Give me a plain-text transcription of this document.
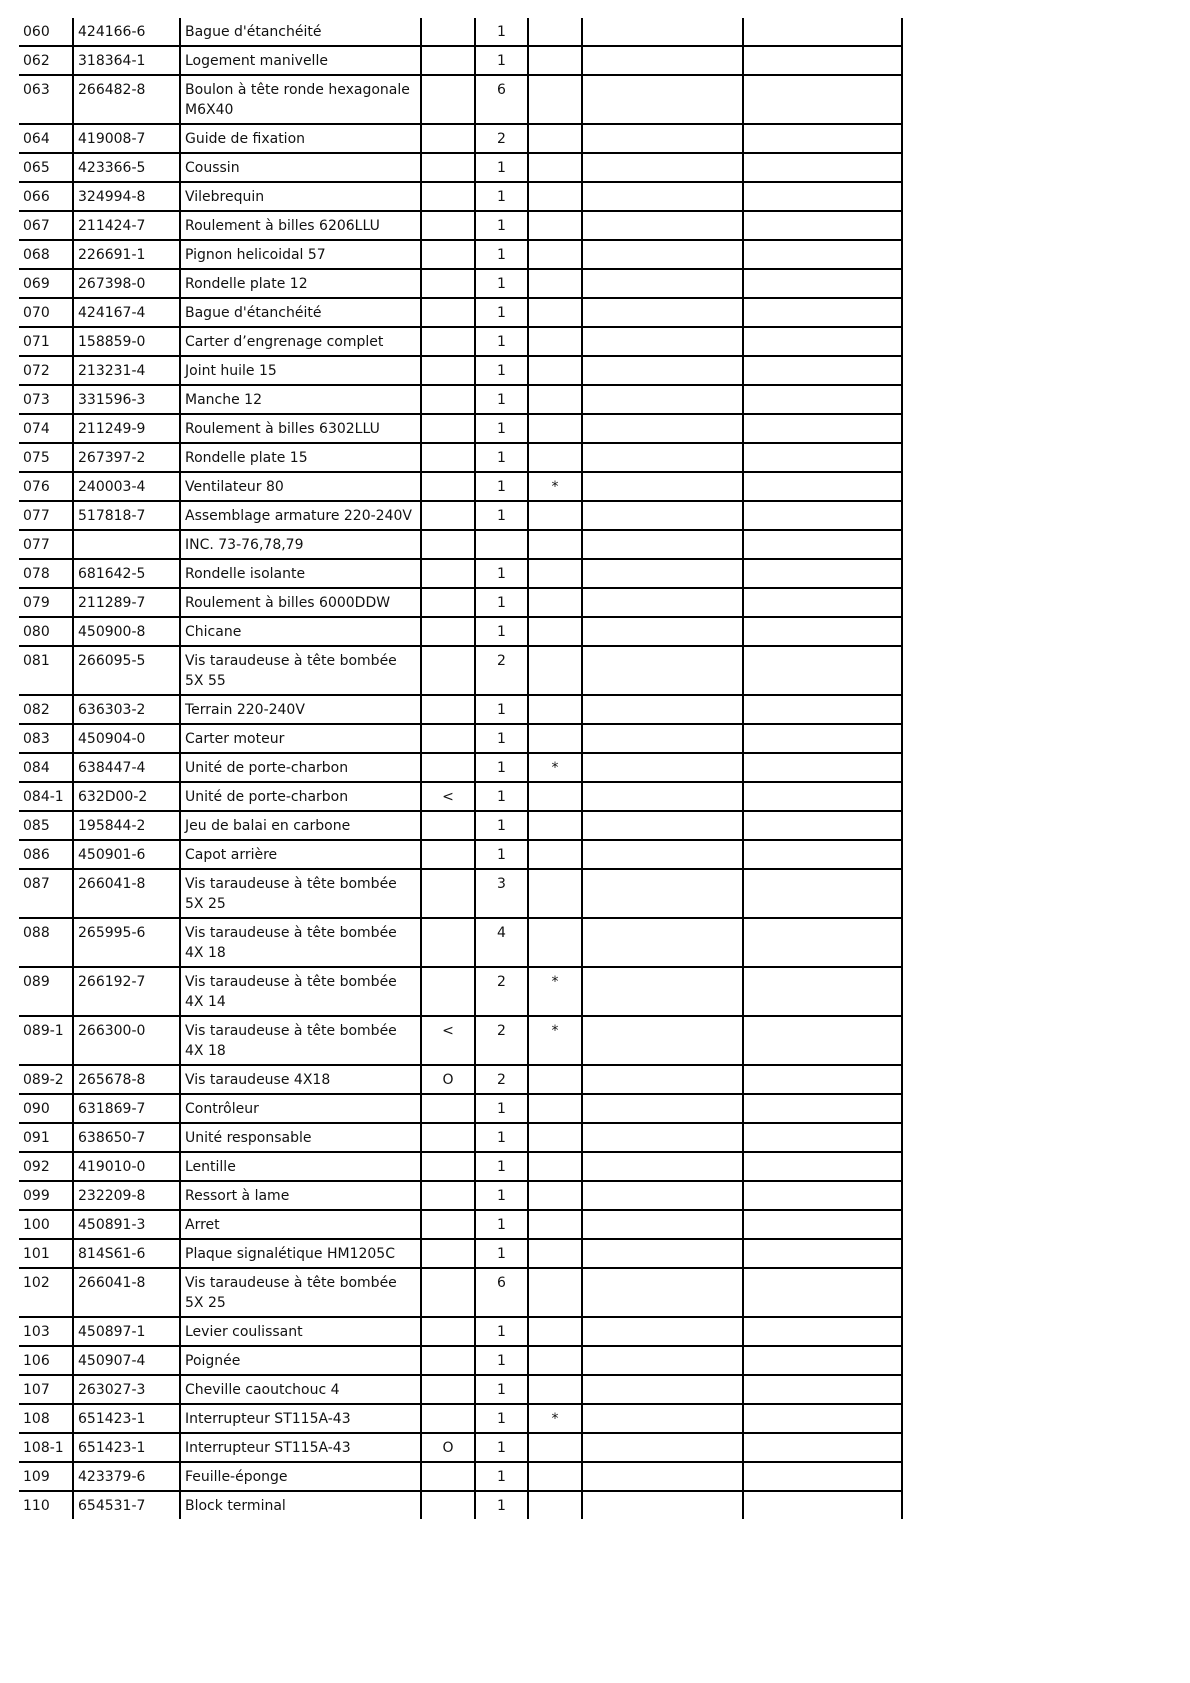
060	424166-6	Bague d'étanchéité		1			
062	318364-1	Logement manivelle		1			
063	266482-8	Boulon à tête ronde hexagonale M6X40		6			
064	419008-7	Guide de fixation		2			
065	423366-5	Coussin		1			
066	324994-8	Vilebrequin		1			
067	211424-7	Roulement à billes 6206LLU		1			
068	226691-1	Pignon helicoidal 57		1			
069	267398-0	Rondelle plate 12		1			
070	424167-4	Bague d'étanchéité		1			
071	158859-0	Carter d’engrenage complet		1			
072	213231-4	Joint huile 15		1			
073	331596-3	Manche 12		1			
074	211249-9	Roulement à billes 6302LLU		1			
075	267397-2	Rondelle plate 15		1			
076	240003-4	Ventilateur 80		1	*		
077	517818-7	Assemblage armature 220-240V		1			
077		INC. 73-76,78,79					
078	681642-5	Rondelle isolante		1			
079	211289-7	Roulement à billes 6000DDW		1			
080	450900-8	Chicane		1			
081	266095-5	Vis taraudeuse à tête bombée 5X 55		2			
082	636303-2	Terrain 220-240V		1			
083	450904-0	Carter moteur		1			
084	638447-4	Unité de porte-charbon		1	*		
084-1	632D00-2	Unité de porte-charbon	<	1			
085	195844-2	Jeu de balai en carbone		1			
086	450901-6	Capot arrière		1			
087	266041-8	Vis taraudeuse à tête bombée 5X 25		3			
088	265995-6	Vis taraudeuse à tête bombée 4X 18		4			
089	266192-7	Vis taraudeuse à tête bombée 4X 14		2	*		
089-1	266300-0	Vis taraudeuse à tête bombée 4X 18	<	2	*		
089-2	265678-8	Vis taraudeuse 4X18	O	2			
090	631869-7	Contrôleur		1			
091	638650-7	Unité responsable		1			
092	419010-0	Lentille		1			
099	232209-8	Ressort à lame		1			
100	450891-3	Arret		1			
101	814S61-6	Plaque signalétique HM1205C		1			
102	266041-8	Vis taraudeuse à tête bombée 5X 25		6			
103	450897-1	Levier coulissant		1			
106	450907-4	Poignée		1			
107	263027-3	Cheville caoutchouc 4		1			
108	651423-1	Interrupteur ST115A-43		1	*		
108-1	651423-1	Interrupteur ST115A-43	O	1			
109	423379-6	Feuille-éponge		1			
110	654531-7	Block terminal		1			
